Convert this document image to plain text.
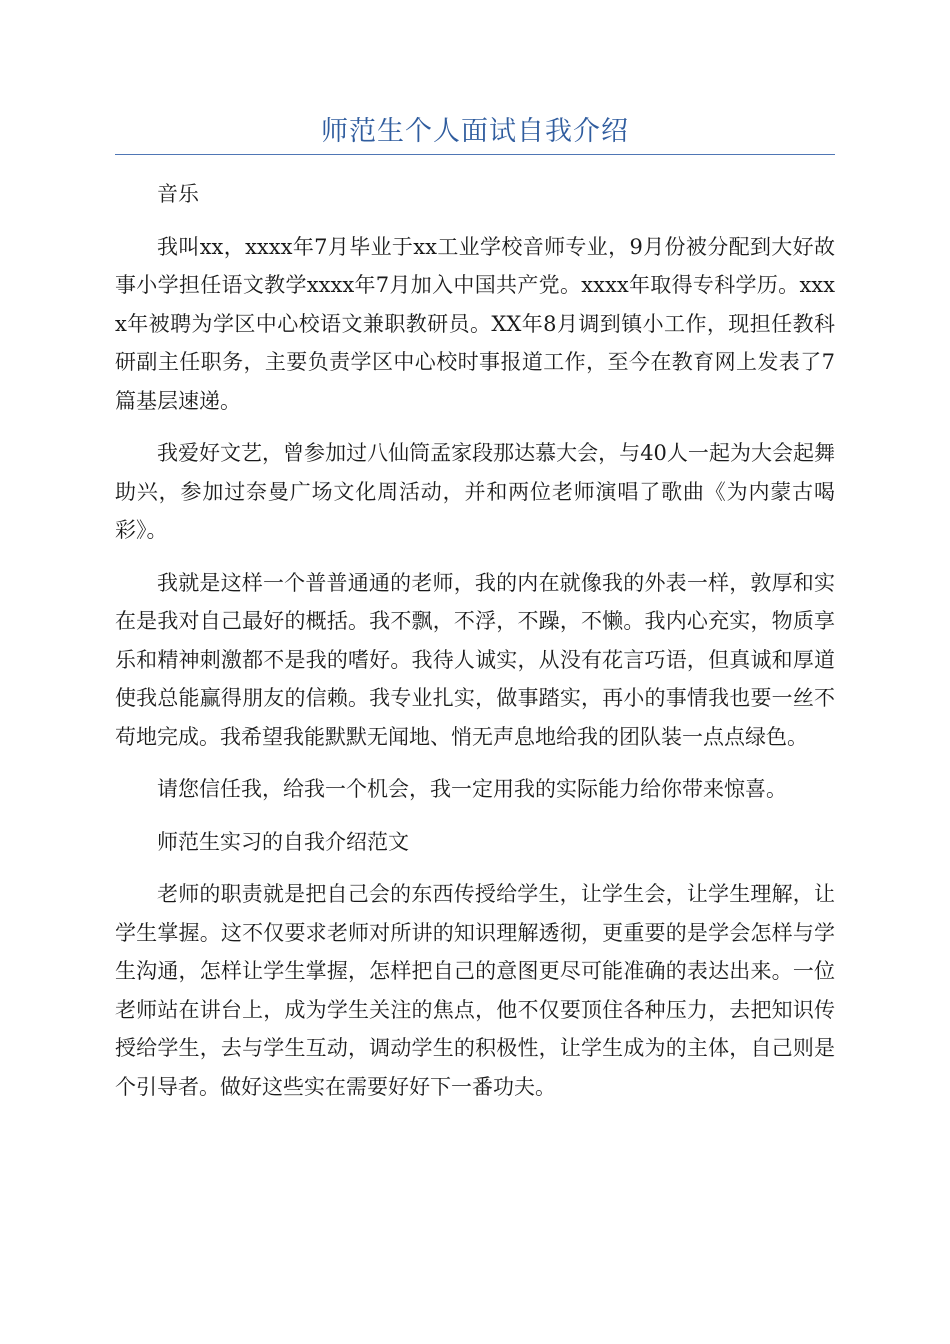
师范生个人面试自我介绍

音乐

我叫xx，xxxx年7月毕业于xx工业学校音师专业，9月份被分配到大好故事小学担任语文教学xxxx年7月加入中国共产党。xxxx年取得专科学历。xxxx年被聘为学区中心校语文兼职教研员。XX年8月调到镇小工作，现担任教科研副主任职务，主要负责学区中心校时事报道工作，至今在教育网上发表了7篇基层速递。

我爱好文艺，曾参加过八仙筒孟家段那达慕大会，与40人一起为大会起舞助兴，参加过奈曼广场文化周活动，并和两位老师演唱了歌曲《为内蒙古喝彩》。

我就是这样一个普普通通的老师，我的内在就像我的外表一样，敦厚和实在是我对自己最好的概括。我不飘，不浮，不躁，不懒。我内心充实，物质享乐和精神刺激都不是我的嗜好。我待人诚实，从没有花言巧语，但真诚和厚道使我总能赢得朋友的信赖。我专业扎实，做事踏实，再小的事情我也要一丝不苟地完成。我希望我能默默无闻地、悄无声息地给我的团队装一点点绿色。

请您信任我，给我一个机会，我一定用我的实际能力给你带来惊喜。

师范生实习的自我介绍范文

老师的职责就是把自己会的东西传授给学生，让学生会，让学生理解，让学生掌握。这不仅要求老师对所讲的知识理解透彻，更重要的是学会怎样与学生沟通，怎样让学生掌握，怎样把自己的意图更尽可能准确的表达出来。一位老师站在讲台上，成为学生关注的焦点，他不仅要顶住各种压力，去把知识传授给学生，去与学生互动，调动学生的积极性，让学生成为的主体，自己则是个引导者。做好这些实在需要好好下一番功夫。
